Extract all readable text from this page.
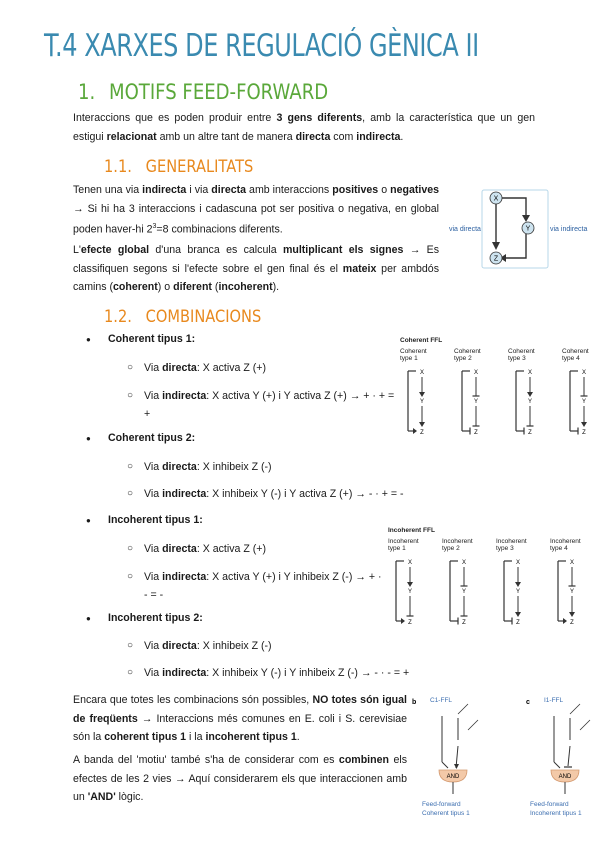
T.4 XARXES DE REGULACIÓ GÈNICA II
1. MOTIFS FEED-FORWARD
Interaccions que es poden produir entre 3 gens diferents, amb la característica que un gen estigui relacionat amb un altre tant de manera directa com indirecta.
1.1. GENERALITATS
Tenen una via indirecta i via directa amb interaccions positives o negatives → Si hi ha 3 interaccions i cadascuna pot ser positiva o negativa, en global poden haver-hi $2^3=8$ combinacions diferents.
L'efecte global d'una branca es calcula multiplicant els signes → Es classifiquen segons si l'efecte sobre el gen final és el mateix per ambdós camins (coherent) o diferent (incoherent).
X
Y
Z
via directa	via indirecta
1.2. COMBINACIONS
● Coherent tipus 1:
○ Via directa: X activa Z (+)
○ Via indirecta: X activa Y (+) i Y activa Z (+) → + · + = +
● Coherent tipus 2:
○ Via directa: X inhibeix Z (-)
○ Via indirecta: X inhibeix Y (-) i Y activa Z (+) → - · + = -
● Incoherent tipus 1:
○ Via directa: X activa Z (+)
○ Via indirecta: X activa Y (+) i Y inhibeix Z (-) → + · - = -
● Incoherent tipus 2:
○ Via directa: X inhibeix Z (-)
○ Via indirecta: X inhibeix Y (-) i Y inhibeix Z (-) → - · - = +
Coherent FFL
Coherent type 1
X
Y
Z
Coherent type 2
X
Y
Z
Coherent type 3
X
Y
Z
Coherent type 4
X
Y
Z
Incoherent FFL
Incoherent type 1
X
Y
Z
Incoherent type 2
X
Y
Z
Incoherent type 3
X
Y
Z
Incoherent type 4
X
Y
Z
Encara que totes les combinacions són possibles, NO totes són igual de freqüents → Interaccions més comunes en E. coli i S. cerevisiae són la coherent tipus 1 i la incoherent tipus 1.
A banda del 'motiu' també s'ha de considerar com es combinen els efectes de les 2 vies → Aquí considerarem els que interaccionen amb un 'AND' lògic.
b C1-FFL
AND
Feed-forward
Coherent tipus 1
c I1-FFL
AND
Feed-forward
Incoherent tipus 1
